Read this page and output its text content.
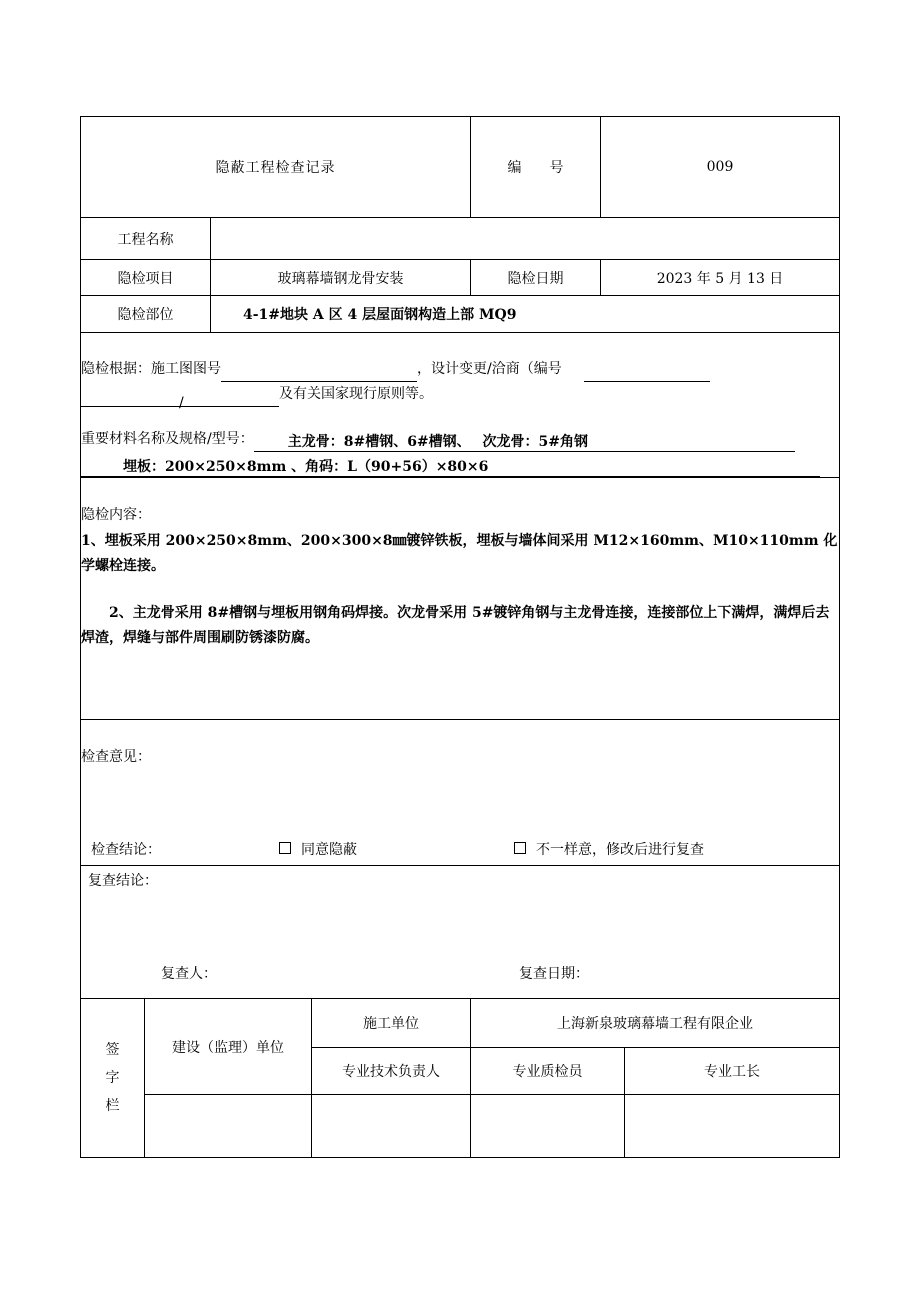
隐蔽工程检查记录				编　　号	009	
工程名称						
隐检项目		玻璃幕墙钢龙骨安装		隐检日期	2023 年 5 月 13 日	
隐检部位		4-1#地块 A 区 4 层屋面钢构造上部 MQ9				

隐检根据：施工图图号 ，设计变更/洽商（编号
/及有关国家现行原则等。
重要材料名称及规格/型号： 主龙骨：8#槽钢、6#槽钢、　 次龙骨：5#角钢
埋板：200×250×8mm 、角码：L（90+56）×80×6						

隐检内容：
1、埋板采用 200×250×8mm、200×300×8㎜镀锌铁板，埋板与墙体间采用 M12×160mm、M10×110mm 化学螺栓连接。
2、主龙骨采用 8#槽钢与埋板用钢角码焊接。次龙骨采用 5#镀锌角钢与主龙骨连接，连接部位上下满焊，满焊后去焊渣，焊缝与部件周围刷防锈漆防腐。						

检查意见：
检查结论： 同意隐蔽 不一样意，修改后进行复查						

复查结论：
复查人： 复查日期：						

签字栏	建设（监理）单位		施工单位	上海新泉玻璃幕墙工程有限企业		
			专业技术负责人	专业质检员		专业工长
